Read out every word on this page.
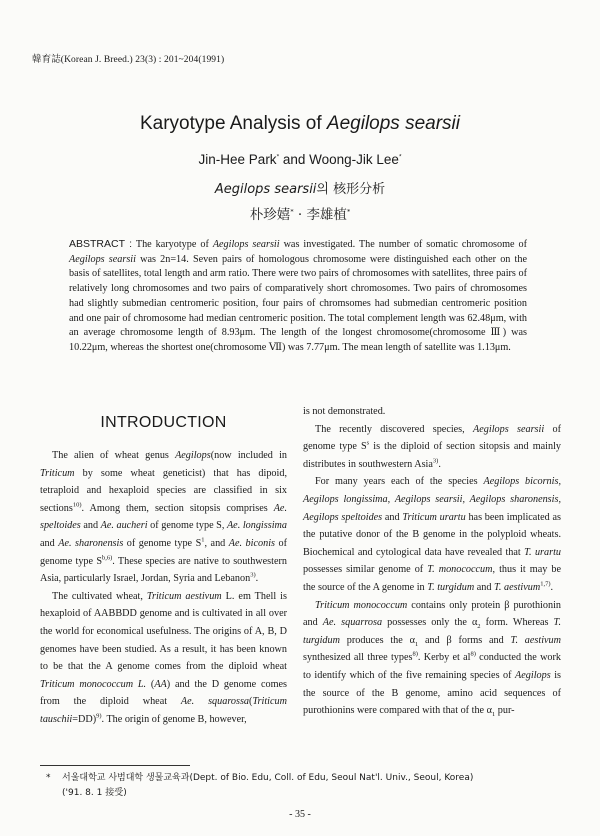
韓育誌(Korean J. Breed.) 23(3) : 201~204(1991)
Karyotype Analysis of Aegilops searsii
Jin-Hee Park* and Woong-Jik Lee*
Aegilops searsii의 核形分析
朴珍嬉* · 李雄植*
ABSTRACT : The karyotype of Aegilops searsii was investigated. The number of somatic chromosome of Aegilops searsii was 2n=14. Seven pairs of homologous chromosome were distinguished each other on the basis of satellites, total length and arm ratio. There were two pairs of chromosomes with satellites, three pairs of relatively long chromosomes and two pairs of comparatively short chromosomes. Two pairs of chromosomes had slightly submedian centromeric position, four pairs of chromsomes had submedian centromeric position and one pair of chromosome had median centromeric position. The total complement length was 62.48μm, with an average chromosome length of 8.93μm. The length of the longest chromosome(chromosome Ⅲ) was 10.22μm, whereas the shortest one(chromosome Ⅶ) was 7.77μm. The mean length of satellite was 1.13μm.
INTRODUCTION

The alien of wheat genus Aegilops(now included in Triticum by some wheat geneticist) that has dipoid, tetraploid and hexaploid species are classified in six sections$^{10)}$. Among them, section sitopsis comprises Ae. speltoides and Ae. aucheri of genome type S, Ae. longissima and Ae. sharonensis of genome type $S^1$, and Ae. biconis of genome type S$^{b,6)}$. These species are native to southwestern Asia, particularly Israel, Jordan, Syria and Lebanon$^{3)}$.

The cultivated wheat, Triticum aestivum L. em Thell is hexaploid of AABBDD genome and is cultivated in all over the world for economical usefulness. The origins of A, B, D genomes have been studied. As a result, it has been known to be that the A genome comes from the diploid wheat Triticum monococcum L. (AA) and the D genome comes from the diploid wheat Ae. squarossa(Triticum tauschii=DD)$^{9)}$. The origin of genome B, however,

is not demonstrated.

The recently discovered species, Aegilops searsii of genome type $S^s$ is the diploid of section sitopsis and mainly distributes in southwestern Asia$^{3)}$.

For many years each of the species Aegilops bicornis, Aegilops longissima, Aegilops searsii, Aegilops sharonensis, Aegilops speltoides and Triticum urartu has been implicated as the putative donor of the B genome in the polyploid wheats. Biochemical and cytological data have revealed that T. urartu possesses similar genome of T. monococcum, thus it may be the source of the A genome in T. turgidum and T. aestivum$^{1,7)}$.

Triticum monococcum contains only protein β purothionin and Ae. squarrosa possesses only the $\alpha_2$ form. Whereas T. turgidum produces the $\alpha_1$ and β forms and T. aestivum synthesized all three types$^{8)}$. Kerby et $al^{8)}$ conducted the work to identify which of the five remaining species of Aegilops is the source of the B genome, amino acid sequences of purothionins were compared with that of the $\alpha_1$ pur-

* 서울대학교 사범대학 생물교육과(Dept. of Bio. Edu, Coll. of Edu, Seoul Nat'l. Univ., Seoul, Korea)
('91. 8. 1 接受)
- 35 -
